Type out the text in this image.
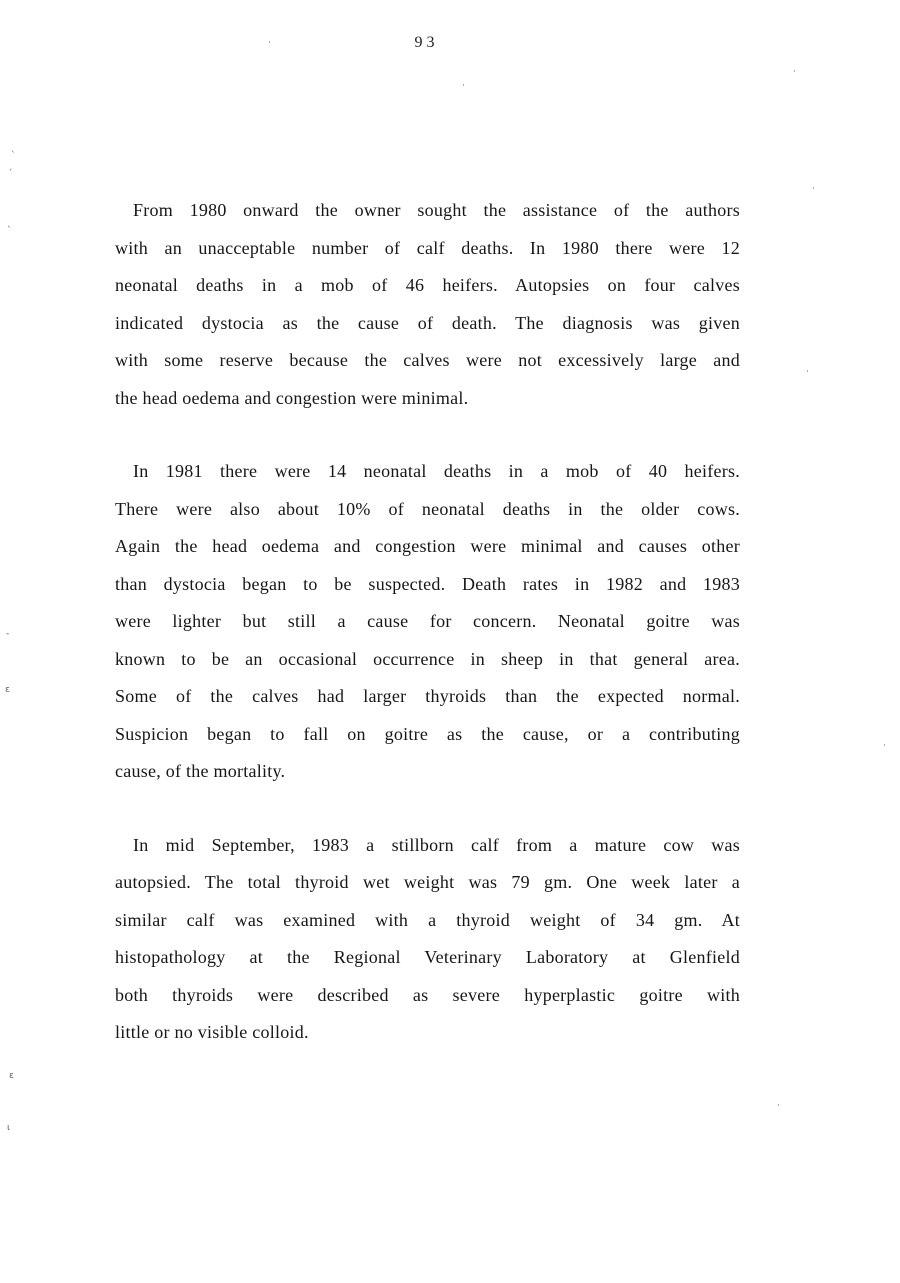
93
From 1980 onward the owner sought the assistance of the authors
with an unacceptable number of calf deaths. In 1980 there were 12
neonatal deaths in a mob of 46 heifers. Autopsies on four calves
indicated dystocia as the cause of death. The diagnosis was given
with some reserve because the calves were not excessively large and
the head oedema and congestion were minimal.
In 1981 there were 14 neonatal deaths in a mob of 40 heifers.
There were also about 10% of neonatal deaths in the older cows.
Again the head oedema and congestion were minimal and causes other
than dystocia began to be suspected. Death rates in 1982 and 1983
were lighter but still a cause for concern. Neonatal goitre was
known to be an occasional occurrence in sheep in that general area.
Some of the calves had larger thyroids than the expected normal.
Suspicion began to fall on goitre as the cause, or a contributing
cause, of the mortality.
In mid September, 1983 a stillborn calf from a mature cow was
autopsied. The total thyroid wet weight was 79 gm. One week later a
similar calf was examined with a thyroid weight of 34 gm. At
histopathology at the Regional Veterinary Laboratory at Glenfield
both thyroids were described as severe hyperplastic goitre with
little or no visible colloid.
ˋ
ˊ
ˋ
-
ε
ε
ɩ
·
·
·
·
·
·
·
